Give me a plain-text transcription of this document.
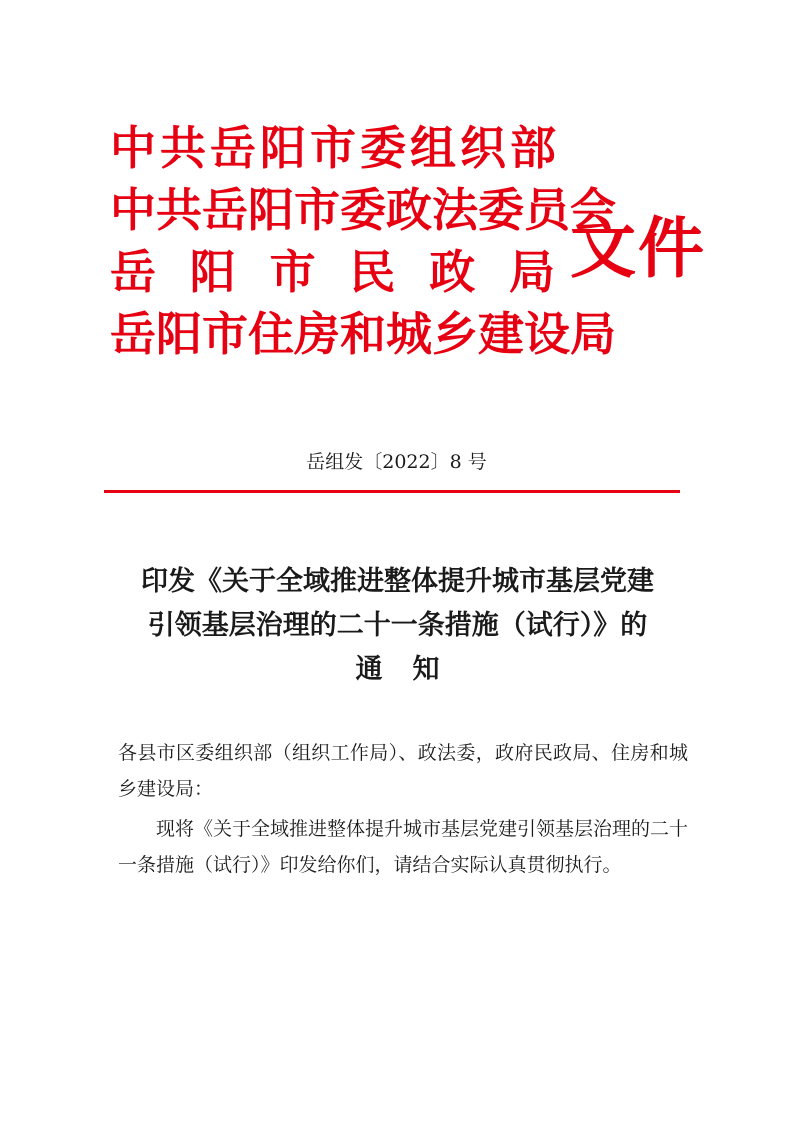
中共岳阳市委组织部
中共岳阳市委政法委员会
岳 阳 市 民 政 局
岳阳市住房和城乡建设局
文件
岳组发〔2022〕8 号
印发《关于全域推进整体提升城市基层党建
引领基层治理的二十一条措施（试行）》的
通知

各县市区委组织部（组织工作局）、政法委，政府民政局、住房和城乡建设局：

现将《关于全域推进整体提升城市基层党建引领基层治理的二十一条措施（试行）》印发给你们，请结合实际认真贯彻执行。
